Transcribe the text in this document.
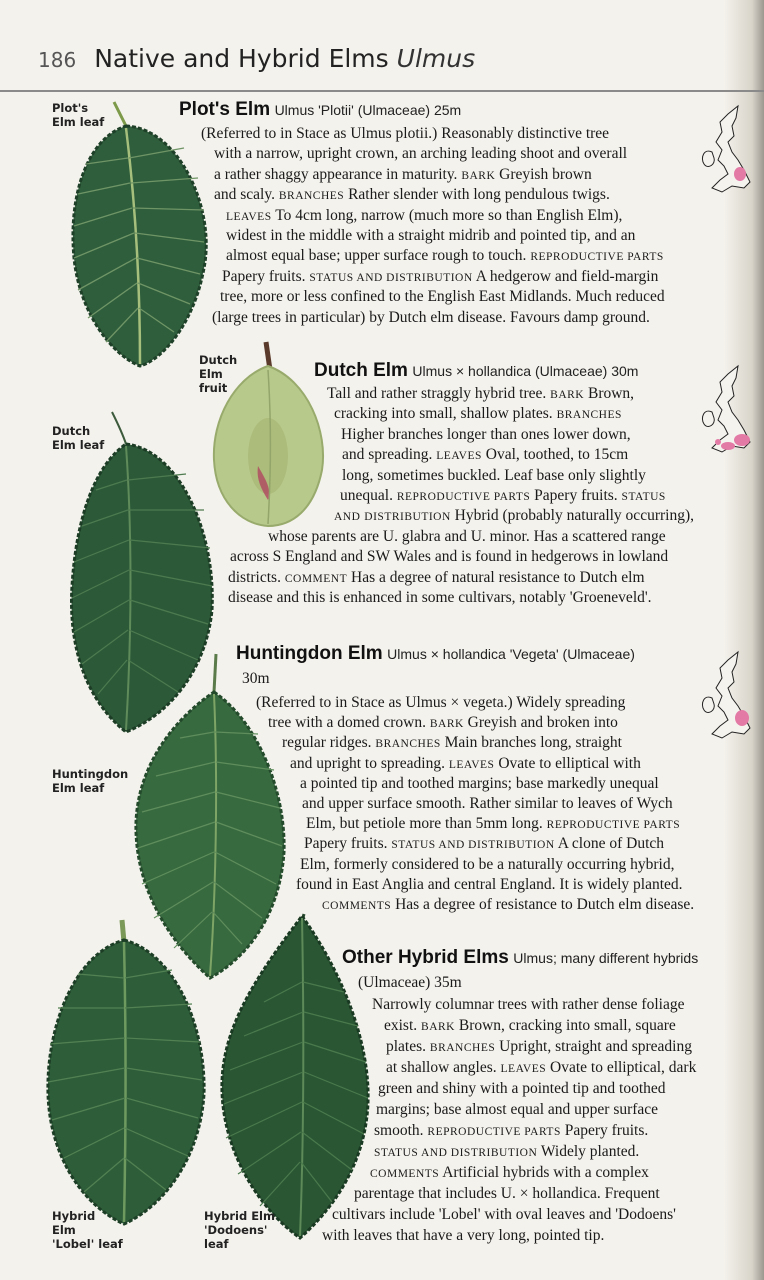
186 Native and Hybrid Elms Ulmus
Plot's
Elm leaf
Dutch
Elm
fruit
Dutch
Elm leaf
Huntingdon
Elm leaf
Hybrid
Elm
'Lobel' leaf
Hybrid Elm
'Dodoens'
leaf
Plot's Elm Ulmus 'Plotii' (Ulmaceae) 25m
Dutch Elm Ulmus × hollandica (Ulmaceae) 30m
Huntingdon Elm Ulmus × hollandica 'Vegeta' (Ulmaceae)
30m
Other Hybrid Elms Ulmus; many different hybrids
(Ulmaceae) 35m
(Referred to in Stace as Ulmus plotii.) Reasonably distinctive tree
with a narrow, upright crown, an arching leading shoot and overall
a rather shaggy appearance in maturity. BARK Greyish brown
and scaly. BRANCHES Rather slender with long pendulous twigs.
LEAVES To 4cm long, narrow (much more so than English Elm),
widest in the middle with a straight midrib and pointed tip, and an
almost equal base; upper surface rough to touch. REPRODUCTIVE PARTS
Papery fruits. STATUS AND DISTRIBUTION A hedgerow and field-margin
tree, more or less confined to the English East Midlands. Much reduced
(large trees in particular) by Dutch elm disease. Favours damp ground.
Tall and rather straggly hybrid tree. BARK Brown,
cracking into small, shallow plates. BRANCHES
Higher branches longer than ones lower down,
and spreading. LEAVES Oval, toothed, to 15cm
long, sometimes buckled. Leaf base only slightly
unequal. REPRODUCTIVE PARTS Papery fruits. STATUS
AND DISTRIBUTION Hybrid (probably naturally occurring),
whose parents are U. glabra and U. minor. Has a scattered range
across S England and SW Wales and is found in hedgerows in lowland
districts. COMMENT Has a degree of natural resistance to Dutch elm
disease and this is enhanced in some cultivars, notably 'Groeneveld'.
(Referred to in Stace as Ulmus × vegeta.) Widely spreading
tree with a domed crown. BARK Greyish and broken into
regular ridges. BRANCHES Main branches long, straight
and upright to spreading. LEAVES Ovate to elliptical with
a pointed tip and toothed margins; base markedly unequal
and upper surface smooth. Rather similar to leaves of Wych
Elm, but petiole more than 5mm long. REPRODUCTIVE PARTS
Papery fruits. STATUS AND DISTRIBUTION A clone of Dutch
Elm, formerly considered to be a naturally occurring hybrid,
found in East Anglia and central England. It is widely planted.
COMMENTS Has a degree of resistance to Dutch elm disease.
Narrowly columnar trees with rather dense foliage
exist. BARK Brown, cracking into small, square
plates. BRANCHES Upright, straight and spreading
at shallow angles. LEAVES Ovate to elliptical, dark
green and shiny with a pointed tip and toothed
margins; base almost equal and upper surface
smooth. REPRODUCTIVE PARTS Papery fruits.
STATUS AND DISTRIBUTION Widely planted.
COMMENTS Artificial hybrids with a complex
parentage that includes U. × hollandica. Frequent
cultivars include 'Lobel' with oval leaves and 'Dodoens'
with leaves that have a very long, pointed tip.
